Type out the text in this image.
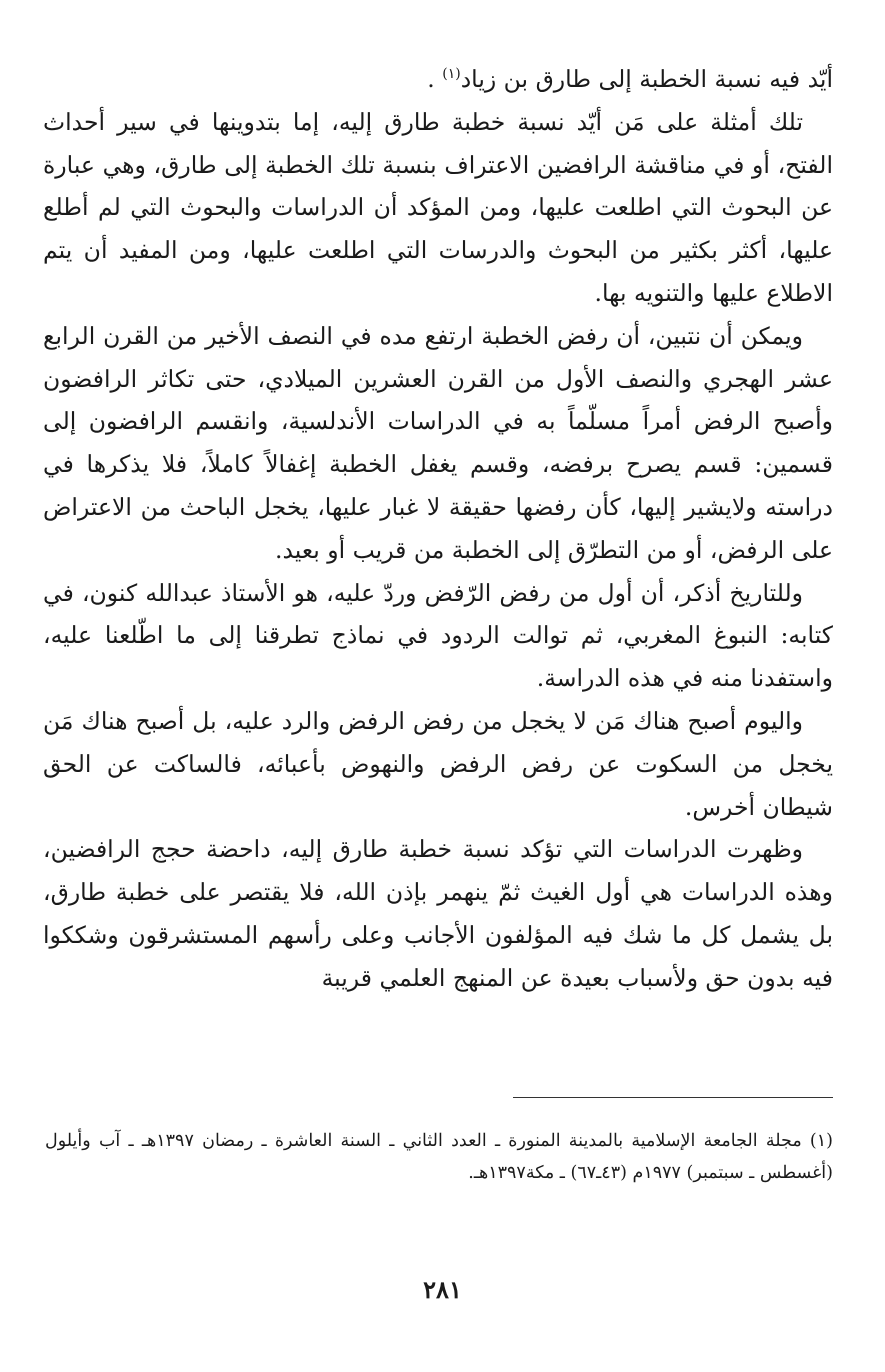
أيّد فيه نسبة الخطبة إلى طارق بن زياد$^{(١)}$ .

تلك أمثلة على مَن أيّد نسبة خطبة طارق إليه، إما بتدوينها في سير أحداث الفتح، أو في مناقشة الرافضين الاعتراف بنسبة تلك الخطبة إلى طارق، وهي عبارة عن البحوث التي اطلعت عليها، ومن المؤكد أن الدراسات والبحوث التي لم أطلع عليها، أكثر بكثير من البحوث والدرسات التي اطلعت عليها، ومن المفيد أن يتم الاطلاع عليها والتنويه بها.

ويمكن أن نتبين، أن رفض الخطبة ارتفع مده في النصف الأخير من القرن الرابع عشر الهجري والنصف الأول من القرن العشرين الميلادي، حتى تكاثر الرافضون وأصبح الرفض أمراً مسلّماً به في الدراسات الأندلسية، وانقسم الرافضون إلى قسمين: قسم يصرح برفضه، وقسم يغفل الخطبة إغفالاً كاملاً، فلا يذكرها في دراسته ولايشير إليها، كأن رفضها حقيقة لا غبار عليها، يخجل الباحث من الاعتراض على الرفض، أو من التطرّق إلى الخطبة من قريب أو بعيد.

وللتاريخ أذكر، أن أول من رفض الرّفض وردّ عليه، هو الأستاذ عبدالله كنون، في كتابه: النبوغ المغربي، ثم توالت الردود في نماذج تطرقنا إلى ما اطّلعنا عليه، واستفدنا منه في هذه الدراسة.

واليوم أصبح هناك مَن لا يخجل من رفض الرفض والرد عليه، بل أصبح هناك مَن يخجل من السكوت عن رفض الرفض والنهوض بأعبائه، فالساكت عن الحق شيطان أخرس.

وظهرت الدراسات التي تؤكد نسبة خطبة طارق إليه، داحضة حجج الرافضين، وهذه الدراسات هي أول الغيث ثمّ ينهمر بإذن الله، فلا يقتصر على خطبة طارق، بل يشمل كل ما شك فيه المؤلفون الأجانب وعلى رأسهم المستشرقون وشككوا فيه بدون حق ولأسباب بعيدة عن المنهج العلمي قريبة

(١) مجلة الجامعة الإسلامية بالمدينة المنورة ـ العدد الثاني ـ السنة العاشرة ـ رمضان ١٣٩٧هـ ـ آب وأيلول (أغسطس ـ سبتمبر) ١٩٧٧م (٤٣ـ٦٧) ـ مكة١٣٩٧هـ.

٢٨١
